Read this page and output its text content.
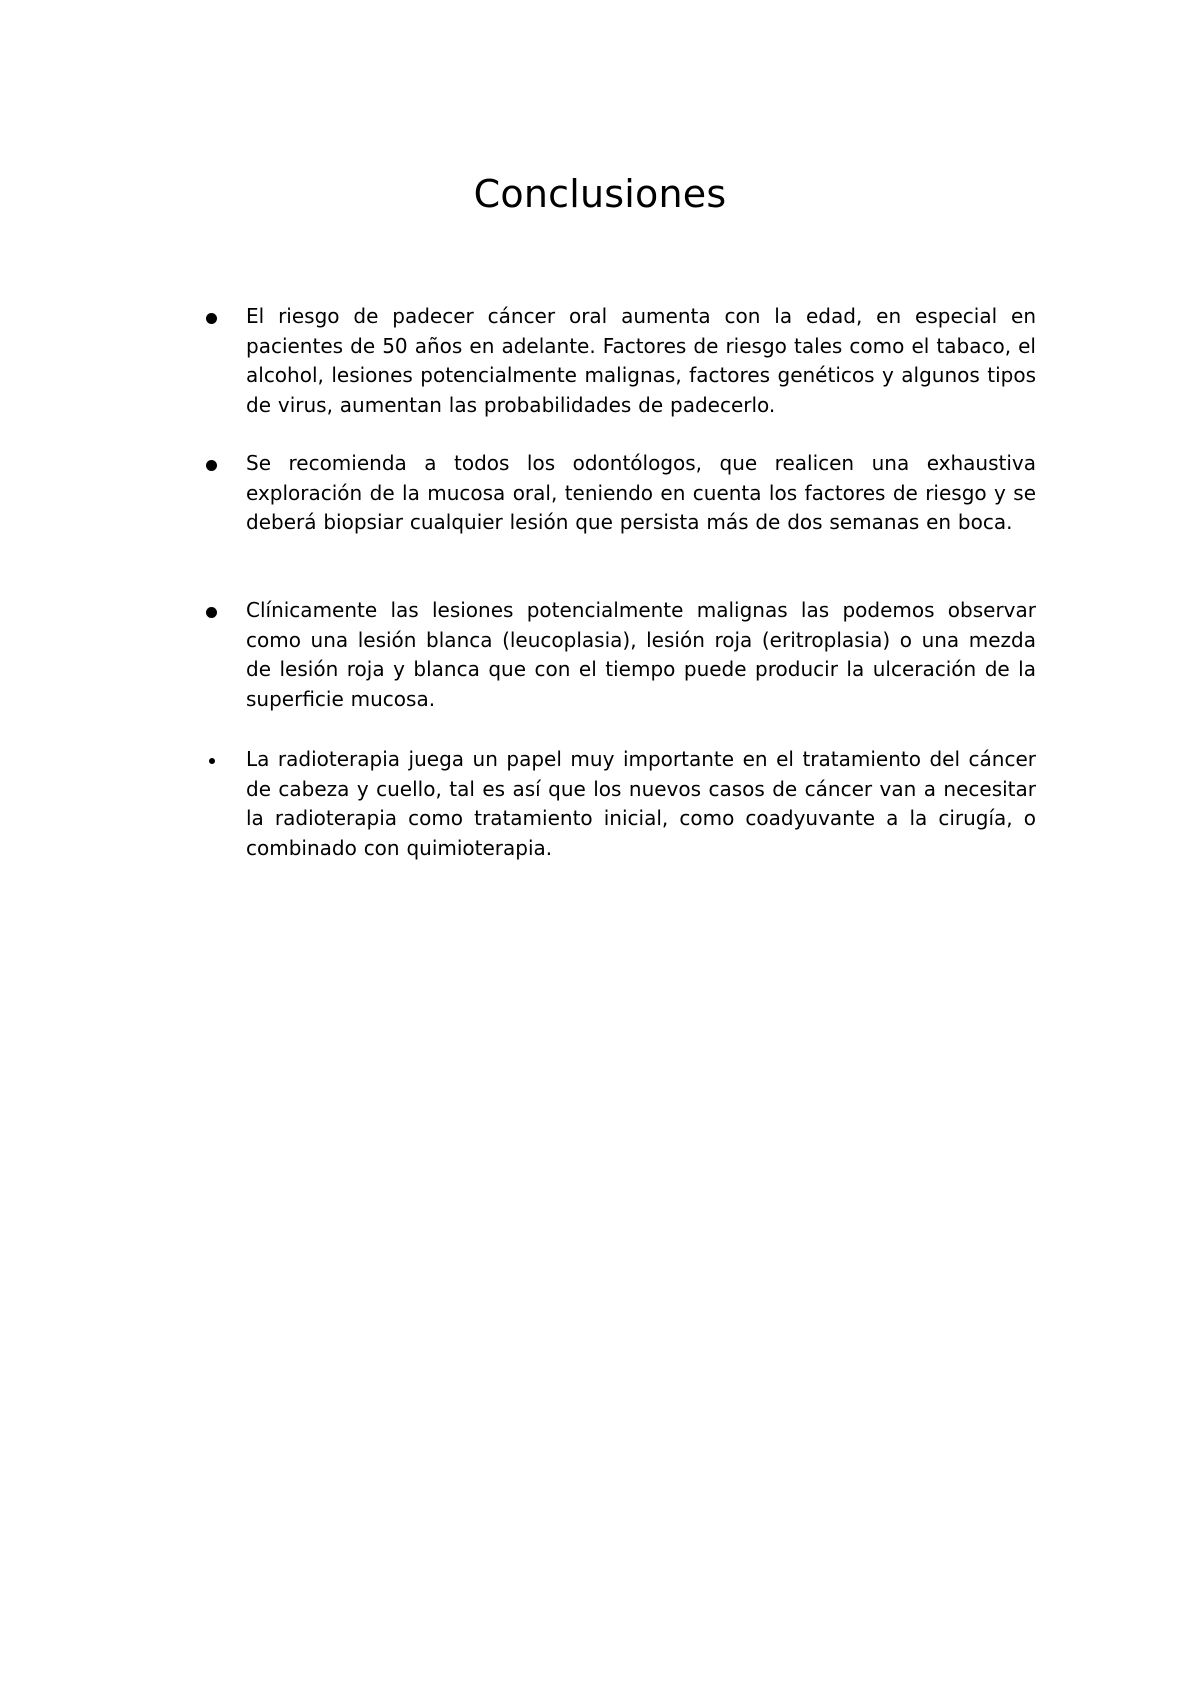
Conclusiones

El riesgo de padecer cáncer oral aumenta con la edad, en especial en pacientes de 50 años en adelante. Factores de riesgo tales como el tabaco, el alcohol, lesiones potencialmente malignas, factores genéticos y algunos tipos de virus, aumentan las probabilidades de padecerlo.

Se recomienda a todos los odontólogos, que realicen una exhaustiva exploración de la mucosa oral, teniendo en cuenta los factores de riesgo y se deberá biopsiar cualquier lesión que persista más de dos semanas en boca.

Clínicamente las lesiones potencialmente malignas las podemos observar como una lesión blanca (leucoplasia), lesión roja (eritroplasia) o una mezda de lesión roja y blanca que con el tiempo puede producir la ulceración de la superficie mucosa.

La radioterapia juega un papel muy importante en el tratamiento del cáncer de cabeza y cuello, tal es así que los nuevos casos de cáncer van a necesitar la radioterapia como tratamiento inicial, como coadyuvante a la cirugía, o combinado con quimioterapia.
